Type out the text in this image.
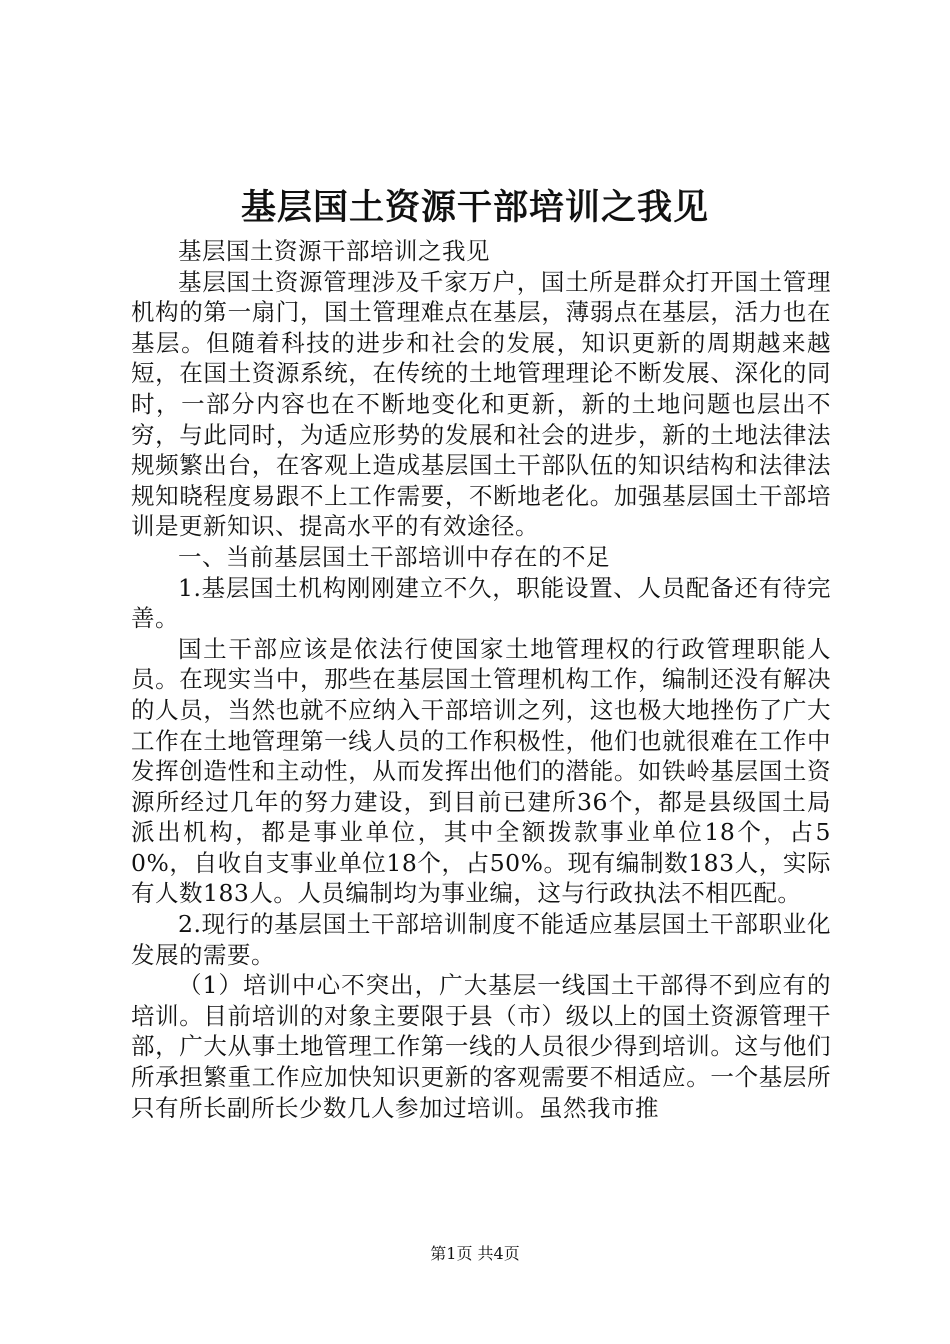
基层国土资源干部培训之我见

基层国土资源干部培训之我见

基层国土资源管理涉及千家万户，国土所是群众打开国土管理机构的第一扇门，国土管理难点在基层，薄弱点在基层，活力也在基层。但随着科技的进步和社会的发展，知识更新的周期越来越短，在国土资源系统，在传统的土地管理理论不断发展、深化的同时，一部分内容也在不断地变化和更新，新的土地问题也层出不穷，与此同时，为适应形势的发展和社会的进步，新的土地法律法规频繁出台，在客观上造成基层国土干部队伍的知识结构和法律法规知晓程度易跟不上工作需要，不断地老化。加强基层国土干部培训是更新知识、提高水平的有效途径。

一、当前基层国土干部培训中存在的不足

1.基层国土机构刚刚建立不久，职能设置、人员配备还有待完善。

国土干部应该是依法行使国家土地管理权的行政管理职能人员。在现实当中，那些在基层国土管理机构工作，编制还没有解决的人员，当然也就不应纳入干部培训之列，这也极大地挫伤了广大工作在土地管理第一线人员的工作积极性，他们也就很难在工作中发挥创造性和主动性，从而发挥出他们的潜能。如铁岭基层国土资源所经过几年的努力建设，到目前已建所36个，都是县级国土局派出机构，都是事业单位，其中全额拨款事业单位18个，占50%，自收自支事业单位18个，占50%。现有编制数183人，实际有人数183人。人员编制均为事业编，这与行政执法不相匹配。

2.现行的基层国土干部培训制度不能适应基层国土干部职业化发展的需要。

（1）培训中心不突出，广大基层一线国土干部得不到应有的培训。目前培训的对象主要限于县（市）级以上的国土资源管理干部，广大从事土地管理工作第一线的人员很少得到培训。这与他们所承担繁重工作应加快知识更新的客观需要不相适应。一个基层所只有所长副所长少数几人参加过培训。虽然我市推

第1页 共4页
